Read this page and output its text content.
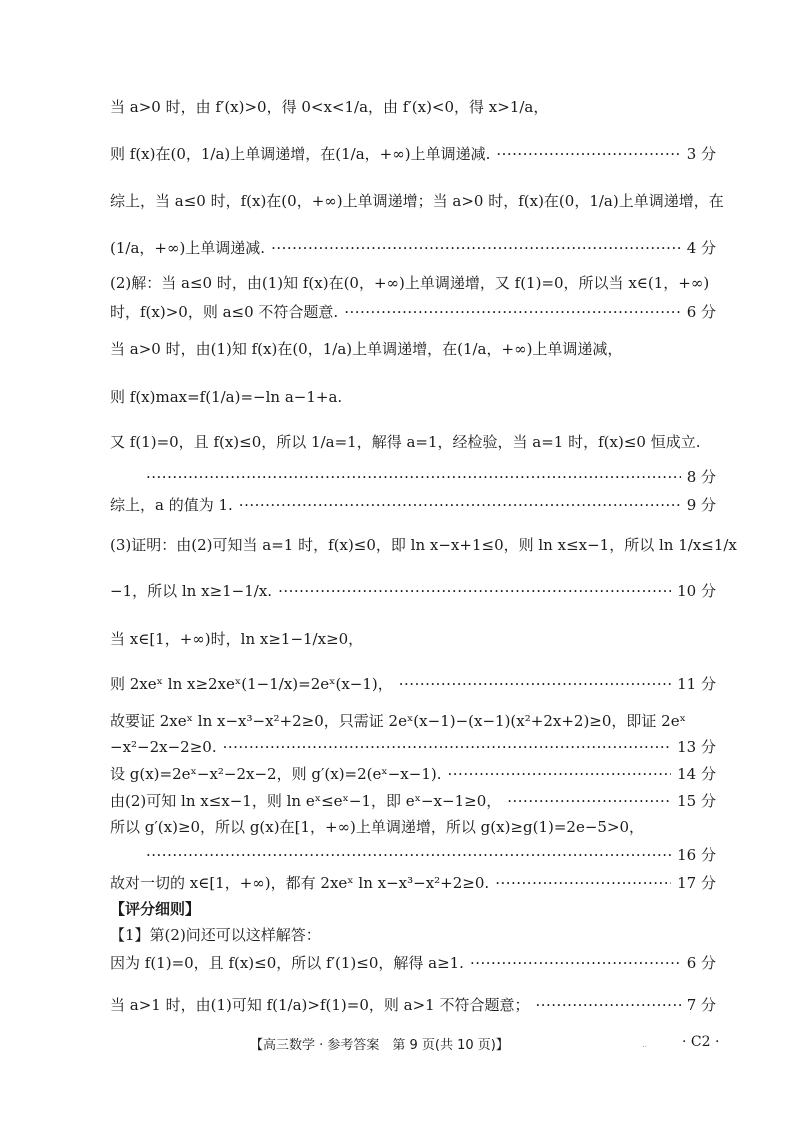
当 a>0 时，由 f′(x)>0，得 0<x<1/a，由 f′(x)<0，得 x>1/a，
则 f(x)在(0，1/a)上单调递增，在(1/a，+∞)上单调递减. ·····	3 分
综上，当 a≤0 时，f(x)在(0，+∞)上单调递增；当 a>0 时，f(x)在(0，1/a)上单调递增，在
(1/a，+∞)上单调递减. ·····	4 分
(2)解：当 a≤0 时，由(1)知 f(x)在(0，+∞)上单调递增，又 f(1)=0，所以当 x∈(1，+∞)
时，f(x)>0，则 a≤0 不符合题意. ·····	6 分
当 a>0 时，由(1)知 f(x)在(0，1/a)上单调递增，在(1/a，+∞)上单调递减，
则 f(x)max=f(1/a)=−ln a−1+a.
又 f(1)=0，且 f(x)≤0，所以 1/a=1，解得 a=1，经检验，当 a=1 时，f(x)≤0 恒成立.
·····
8 分
综上，a 的值为 1. ·····	9 分
(3)证明：由(2)可知当 a=1 时，f(x)≤0，即 ln x−x+1≤0，则 ln x≤x−1，所以 ln 1/x≤1/x
−1，所以 ln x≥1−1/x. ·····	10 分
当 x∈[1，+∞)时，ln x≥1−1/x≥0，
则 2xeˣ ln x≥2xeˣ(1−1/x)=2eˣ(x−1)， ·····	11 分
故要证 2xeˣ ln x−x³−x²+2≥0，只需证 2eˣ(x−1)−(x−1)(x²+2x+2)≥0，即证 2eˣ
−x²−2x−2≥0. ·····	13 分
设 g(x)=2eˣ−x²−2x−2，则 g′(x)=2(eˣ−x−1). ·····	14 分
由(2)可知 ln x≤x−1，则 ln eˣ≤eˣ−1，即 eˣ−x−1≥0， ·····	15 分
所以 g′(x)≥0，所以 g(x)在[1，+∞)上单调递增，所以 g(x)≥g(1)=2e−5>0，
·····
16 分
故对一切的 x∈[1，+∞)，都有 2xeˣ ln x−x³−x²+2≥0. ·····	17 分
【评分细则】
【1】第(2)问还可以这样解答：
因为 f(1)=0，且 f(x)≤0，所以 f′(1)≤0，解得 a≥1. ·····	6 分
当 a>1 时，由(1)可知 f(1/a)>f(1)=0，则 a>1 不符合题意； ·····	7 分
【高三数学 · 参考答案　第 9 页(共 10 页)】	.. · C2 ·
